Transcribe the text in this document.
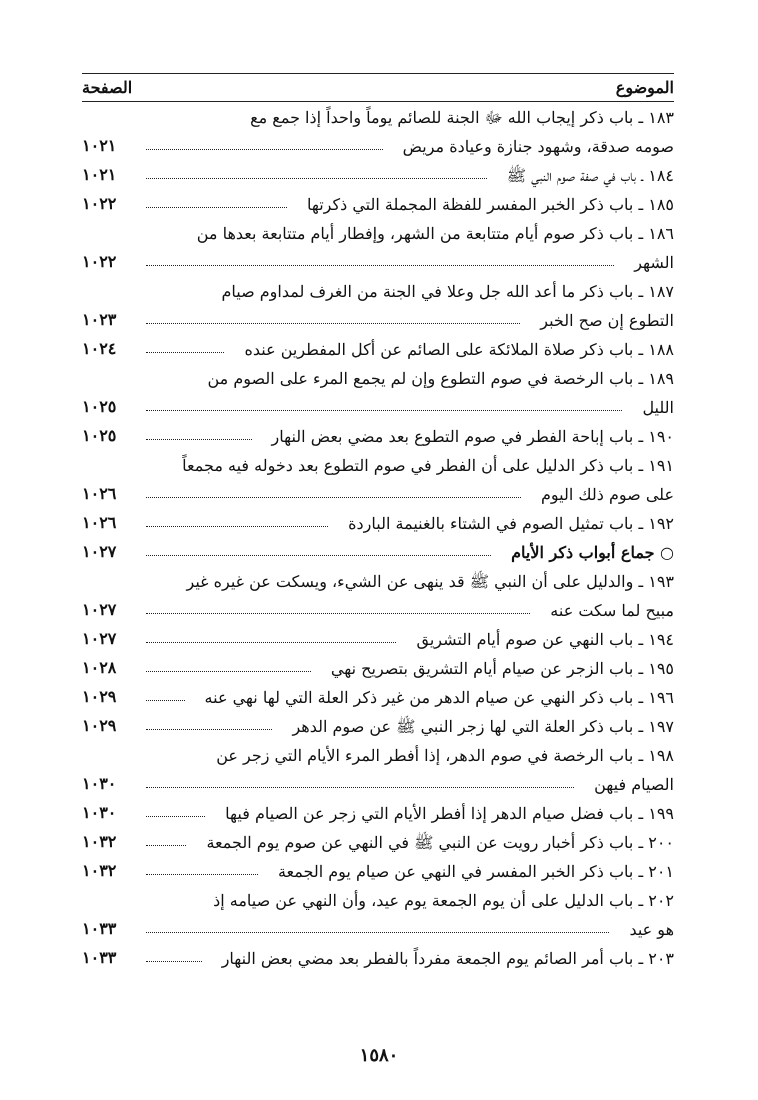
الموضوع
الصفحة
١٨٣ ـ باب ذكر إيجاب الله ﷻ الجنة للصائم يوماً واحداً إذا جمع مع
صومه صدقة، وشهود جنازة وعيادة مريض
١٠٢١
١٨٤ ـ باب في صفة صوم النبي ﷺ
١٠٢١
١٨٥ ـ باب ذكر الخبر المفسر للفظة المجملة التي ذكرتها
١٠٢٢
١٨٦ ـ باب ذكر صوم أيام متتابعة من الشهر، وإفطار أيام متتابعة بعدها من
الشهر
١٠٢٢
١٨٧ ـ باب ذكر ما أعد الله جل وعلا في الجنة من الغرف لمداوم صيام
التطوع إن صح الخبر
١٠٢٣
١٨٨ ـ باب ذكر صلاة الملائكة على الصائم عن أكل المفطرين عنده
١٠٢٤
١٨٩ ـ باب الرخصة في صوم التطوع وإن لم يجمع المرء على الصوم من
الليل
١٠٢٥
١٩٠ ـ باب إباحة الفطر في صوم التطوع بعد مضي بعض النهار
١٠٢٥
١٩١ ـ باب ذكر الدليل على أن الفطر في صوم التطوع بعد دخوله فيه مجمعاً
على صوم ذلك اليوم
١٠٢٦
١٩٢ ـ باب تمثيل الصوم في الشتاء بالغنيمة الباردة
١٠٢٦
○ جماع أبواب ذكر الأيام
١٠٢٧
١٩٣ ـ والدليل على أن النبي ﷺ قد ينهى عن الشيء، ويسكت عن غيره غير
مبيح لما سكت عنه
١٠٢٧
١٩٤ ـ باب النهي عن صوم أيام التشريق
١٠٢٧
١٩٥ ـ باب الزجر عن صيام أيام التشريق بتصريح نهي
١٠٢٨
١٩٦ ـ باب ذكر النهي عن صيام الدهر من غير ذكر العلة التي لها نهي عنه
١٠٢٩
١٩٧ ـ باب ذكر العلة التي لها زجر النبي ﷺ عن صوم الدهر
١٠٢٩
١٩٨ ـ باب الرخصة في صوم الدهر، إذا أفطر المرء الأيام التي زجر عن
الصيام فيهن
١٠٣٠
١٩٩ ـ باب فضل صيام الدهر إذا أفطر الأيام التي زجر عن الصيام فيها
١٠٣٠
٢٠٠ ـ باب ذكر أخبار رويت عن النبي ﷺ في النهي عن صوم يوم الجمعة
١٠٣٢
٢٠١ ـ باب ذكر الخبر المفسر في النهي عن صيام يوم الجمعة
١٠٣٢
٢٠٢ ـ باب الدليل على أن يوم الجمعة يوم عيد، وأن النهي عن صيامه إذ
هو عيد
١٠٣٣
٢٠٣ ـ باب أمر الصائم يوم الجمعة مفرداً بالفطر بعد مضي بعض النهار
١٠٣٣
١٥٨٠
